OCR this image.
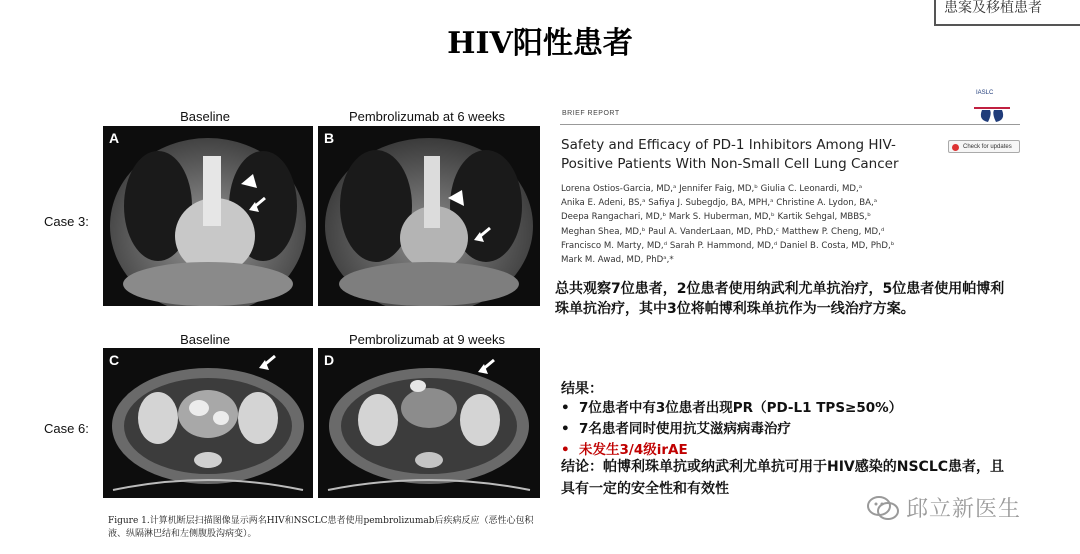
患案及移植患者
HIV阳性患者
Baseline	Pembrolizumab at 6 weeks
Case 3:
A	B
Baseline	Pembrolizumab at 9 weeks
Case 6:
C	D
Figure 1.计算机断层扫描图像显示两名HIV和NSCLC患者使用pembrolizumab后疾病反应（恶性心包积液、纵隔淋巴结和左侧腹股沟病变）。
BRIEF REPORT
IASLC
Safety and Efficacy of PD-1 Inhibitors Among HIV-
Positive Patients With Non-Small Cell Lung Cancer
Check for updates
Lorena Ostios-Garcia, MD,ᵃ Jennifer Faig, MD,ᵇ Giulia C. Leonardi, MD,ᵃ
Anika E. Adeni, BS,ᵃ Safiya J. Subegdjo, BA, MPH,ᵃ Christine A. Lydon, BA,ᵃ
Deepa Rangachari, MD,ᵇ Mark S. Huberman, MD,ᵇ Kartik Sehgal, MBBS,ᵇ
Meghan Shea, MD,ᵇ Paul A. VanderLaan, MD, PhD,ᶜ Matthew P. Cheng, MD,ᵈ
Francisco M. Marty, MD,ᵈ Sarah P. Hammond, MD,ᵈ Daniel B. Costa, MD, PhD,ᵇ
Mark M. Awad, MD, PhDᵃ,*
总共观察7位患者，2位患者使用纳武利尤单抗治疗，5位患者使用帕博利珠单抗治疗，其中3位将帕博利珠单抗作为一线治疗方案。
结果：
• 7位患者中有3位患者出现PR（PD-L1 TPS≥50%）
• 7名患者同时使用抗艾滋病病毒治疗
• 未发生3/4级irAE
结论：帕博利珠单抗或纳武利尤单抗可用于HIV感染的NSCLC患者，且具有一定的安全性和有效性
邱立新医生
